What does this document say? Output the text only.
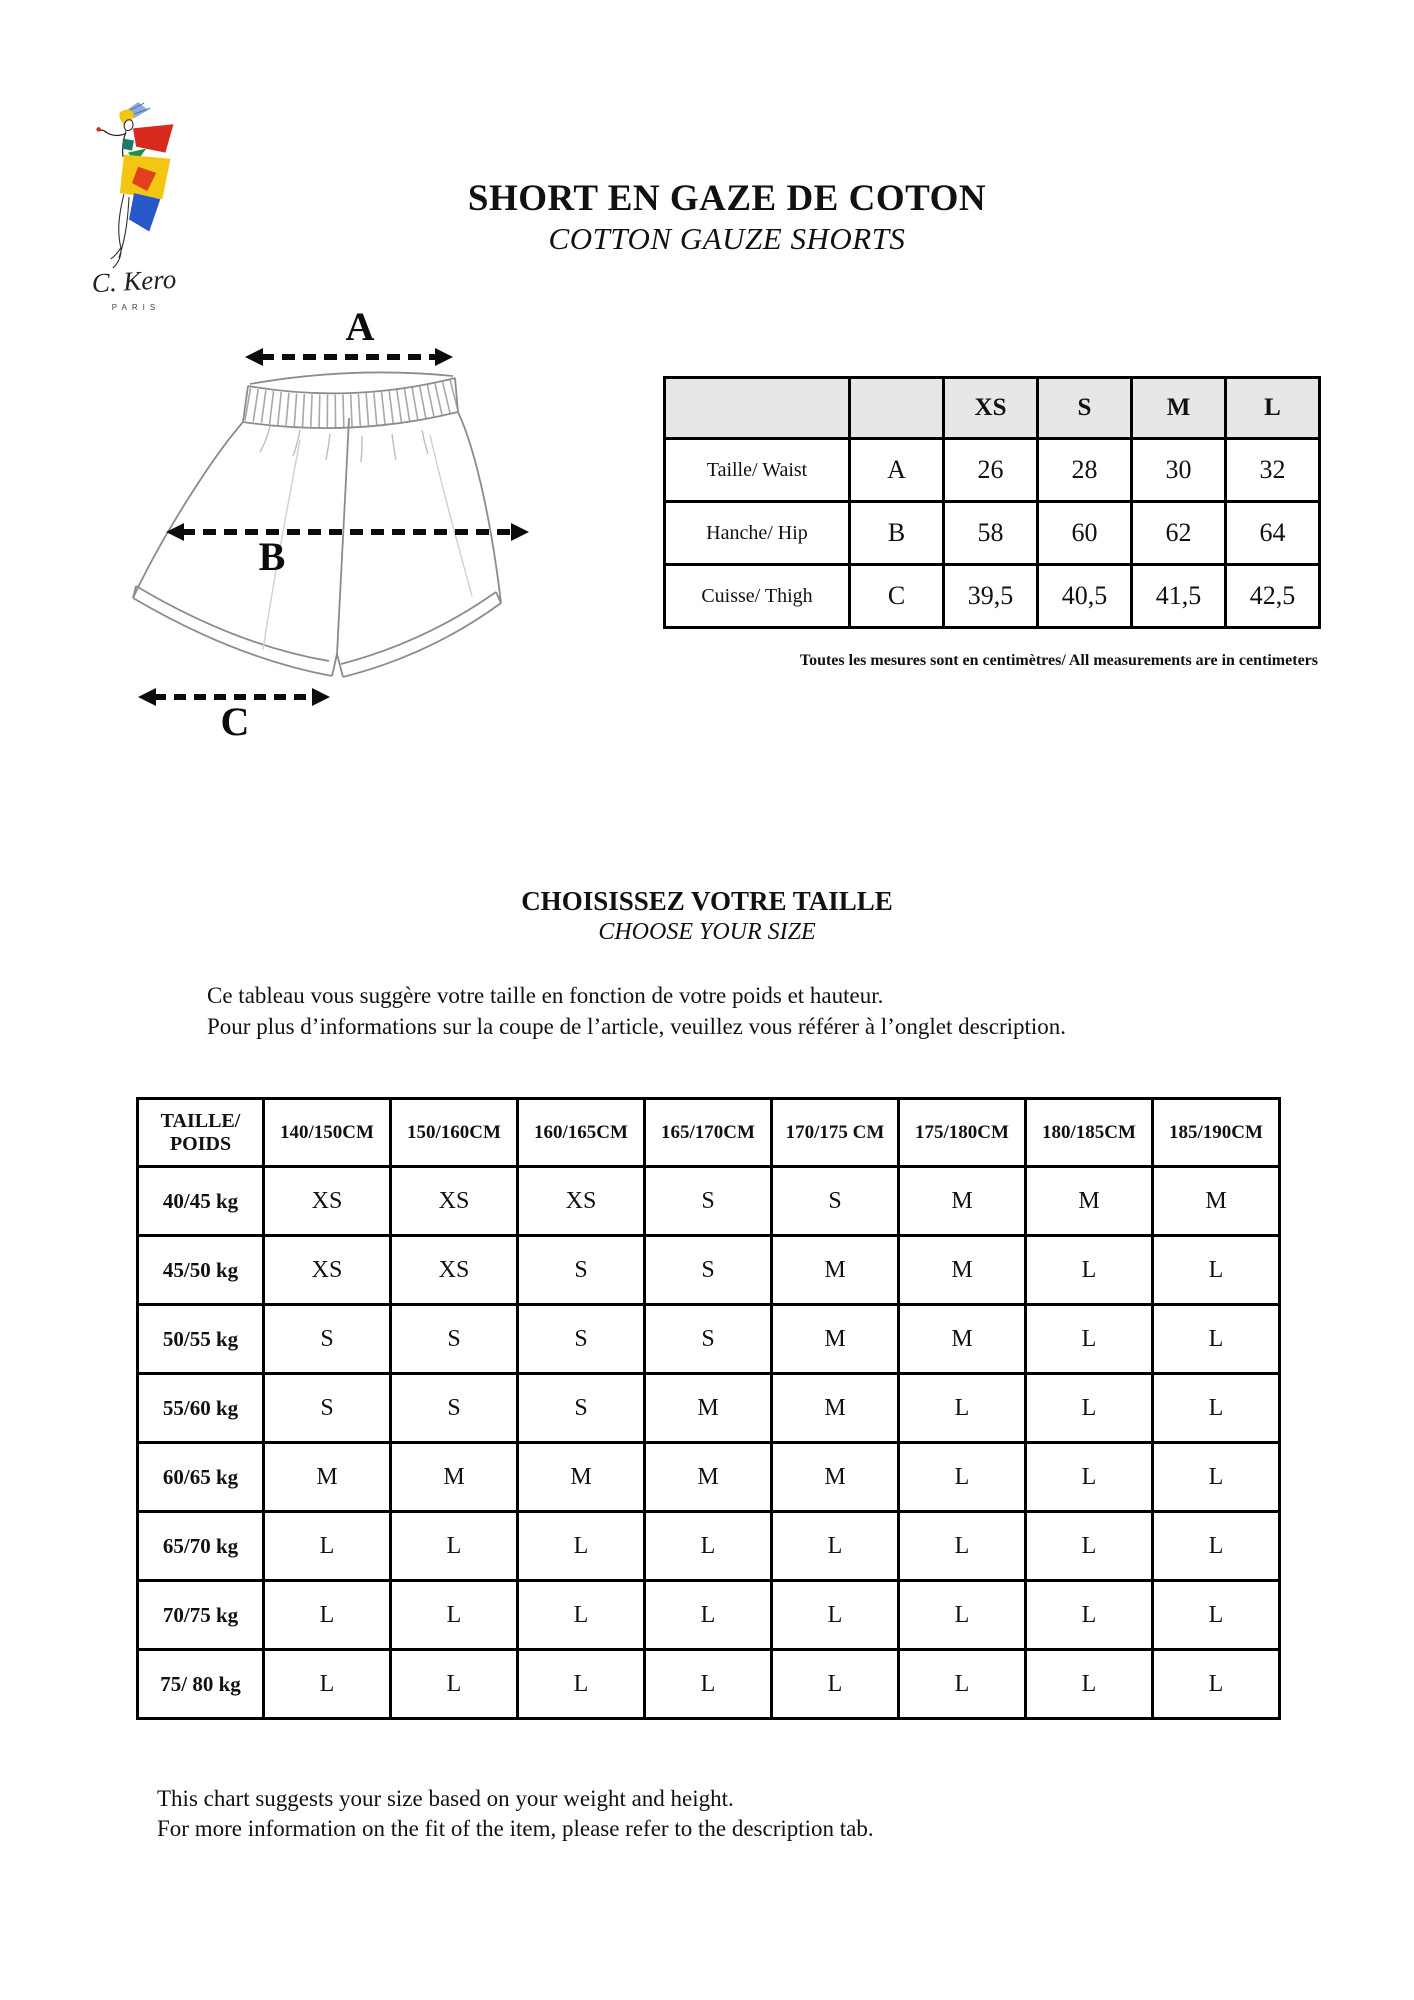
C. Kero
PARIS
SHORT EN GAZE DE COTON
COTTON GAUZE SHORTS
A
B
C
		XS	S	M	L
Taille/ Waist	A	26	28	30	32
Hanche/ Hip	B	58	60	62	64
Cuisse/ Thigh	C	39,5	40,5	41,5	42,5
Toutes les mesures sont en centimètres/ All measurements are in centimeters
CHOISISSEZ VOTRE TAILLE
CHOOSE YOUR SIZE
Ce tableau vous suggère votre taille en fonction de votre poids et hauteur.
Pour plus d’informations sur la coupe de l’article, veuillez vous référer à l’onglet description.
TAILLE/
POIDS	140/150CM	150/160CM	160/165CM	165/170CM	170/175 CM	175/180CM	180/185CM	185/190CM
40/45 kg	XS	XS	XS	S	S	M	M	M
45/50 kg	XS	XS	S	S	M	M	L	L
50/55 kg	S	S	S	S	M	M	L	L
55/60 kg	S	S	S	M	M	L	L	L
60/65 kg	M	M	M	M	M	L	L	L
65/70 kg	L	L	L	L	L	L	L	L
70/75 kg	L	L	L	L	L	L	L	L
75/ 80 kg	L	L	L	L	L	L	L	L
This chart suggests your size based on your weight and height.
For more information on the fit of the item, please refer to the description tab.
